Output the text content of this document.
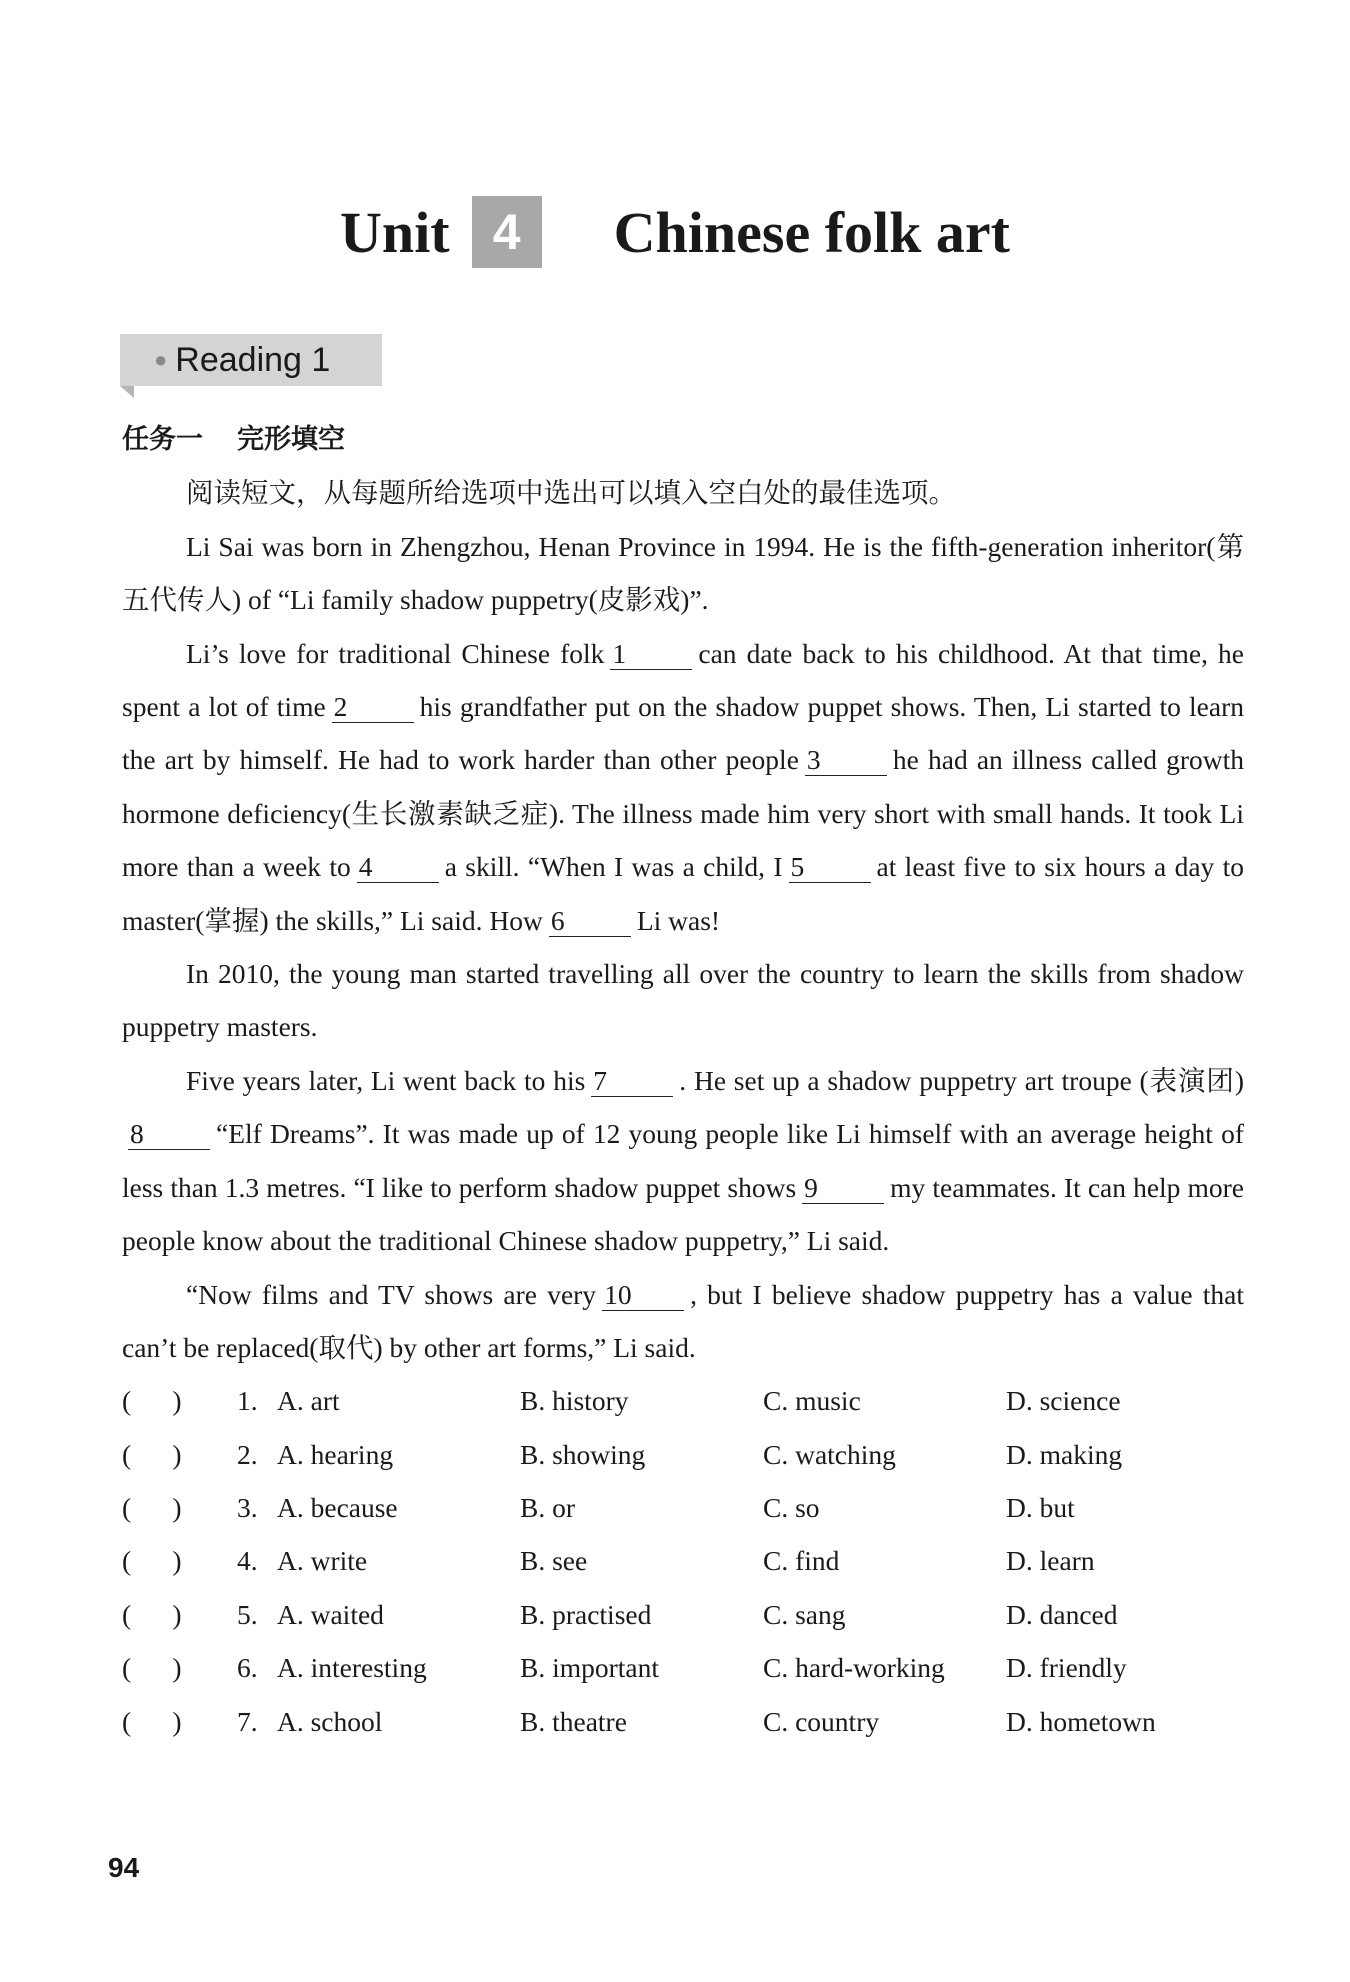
Unit 4	Chinese folk art
● Reading 1
任务一 完形填空

阅读短文，从每题所给选项中选出可以填入空白处的最佳选项。

Li Sai was born in Zhengzhou, Henan Province in 1994. He is the fifth-generation inheritor(第五代传人) of “Li family shadow puppetry(皮影戏)”.

Li’s love for traditional Chinese folk 1	can date back to his childhood. At that time, he spent a lot of time 2	his grandfather put on the shadow puppet shows. Then, Li started to learn the art by himself. He had to work harder than other people 3	he had an illness called growth hormone deficiency(生长激素缺乏症). The illness made him very short with small hands. It took Li more than a week to 4	a skill. “When I was a child, I 5	at least five to six hours a day to master(掌握) the skills,” Li said. How 6	Li was!

In 2010, the young man started travelling all over the country to learn the skills from shadow puppetry masters.

Five years later, Li went back to his 7	. He set up a shadow puppetry art troupe (表演团)8	“Elf Dreams”. It was made up of 12 young people like Li himself with an average height of less than 1.3 metres. “I like to perform shadow puppet shows 9	my teammates. It can help more people know about the traditional Chinese shadow puppetry,” Li said.

“Now films and TV shows are very 10 , but I believe shadow puppetry has a value that can’t be replaced(取代) by other art forms,” Li said.

(      )	1. A. art	B. history	C. music	D. science
(      )	2. A. hearing	B. showing	C. watching	D. making
(      )	3. A. because	B. or	C. so	D. but
(      )	4. A. write	B. see	C. find	D. learn
(      )	5. A. waited	B. practised	C. sang	D. danced
(      )	6. A. interesting	B. important	C. hard-working	D. friendly
(      )	7. A. school	B. theatre	C. country	D. hometown
94
